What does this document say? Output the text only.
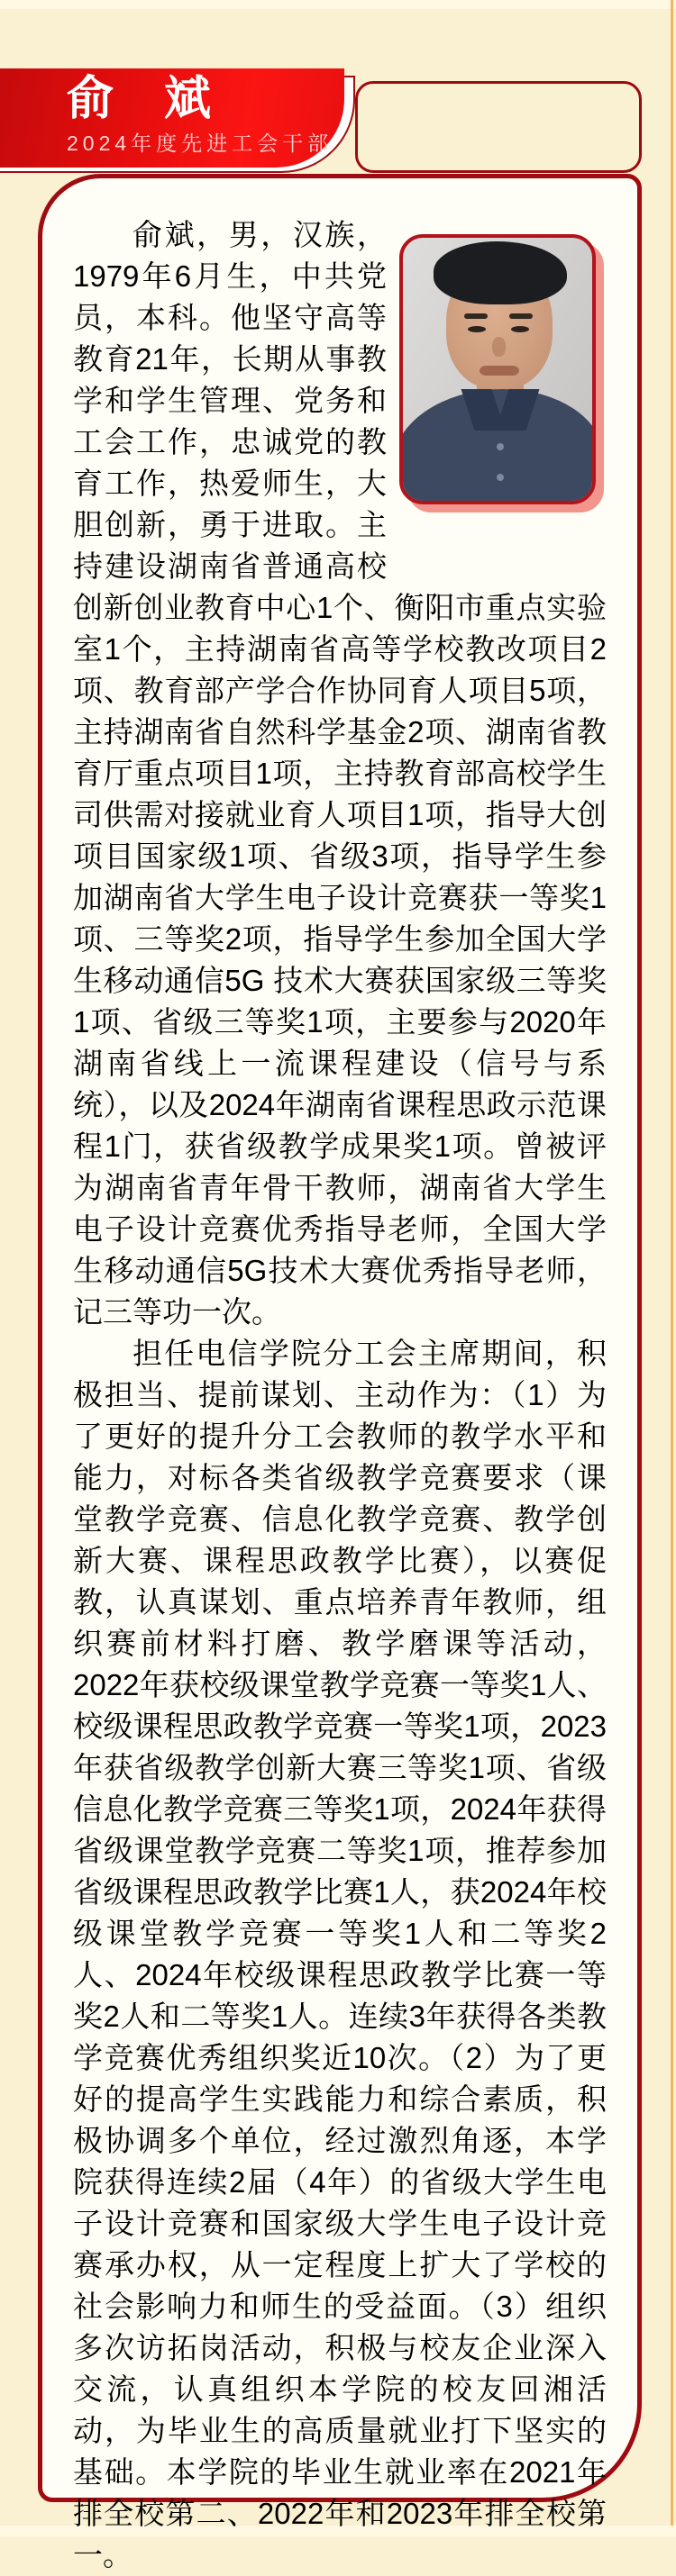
俞　斌

2024年度先进工会干部

俞斌，男，汉族，1979年6月生，中共党员，本科。他坚守高等教育21年，长期从事教学和学生管理、党务和工会工作，忠诚党的教育工作，热爱师生，大胆创新，勇于进取。主持建设湖南省普通高校创新创业教育中心1个、衡阳市重点实验室1个，主持湖南省高等学校教改项目2项、教育部产学合作协同育人项目5项，主持湖南省自然科学基金2项、湖南省教育厅重点项目1项，主持教育部高校学生司供需对接就业育人项目1项，指导大创项目国家级1项、省级3项，指导学生参加湖南省大学生电子设计竞赛获一等奖1项、三等奖2项，指导学生参加全国大学生移动通信5G 技术大赛获国家级三等奖1项、省级三等奖1项，主要参与2020年湖南省线上一流课程建设（信号与系统），以及2024年湖南省课程思政示范课程1门，获省级教学成果奖1项。曾被评为湖南省青年骨干教师，湖南省大学生电子设计竞赛优秀指导老师，全国大学生移动通信5G技术大赛优秀指导老师，记三等功一次。

担任电信学院分工会主席期间，积极担当、提前谋划、主动作为：（1）为了更好的提升分工会教师的教学水平和能力，对标各类省级教学竞赛要求（课堂教学竞赛、信息化教学竞赛、教学创新大赛、课程思政教学比赛），以赛促教，认真谋划、重点培养青年教师，组织赛前材料打磨、教学磨课等活动，2022年获校级课堂教学竞赛一等奖1人、校级课程思政教学竞赛一等奖1项，2023年获省级教学创新大赛三等奖1项、省级信息化教学竞赛三等奖1项，2024年获得省级课堂教学竞赛二等奖1项，推荐参加省级课程思政教学比赛1人，获2024年校级课堂教学竞赛一等奖1人和二等奖2人、2024年校级课程思政教学比赛一等奖2人和二等奖1人。连续3年获得各类教学竞赛优秀组织奖近10次。（2）为了更好的提高学生实践能力和综合素质，积极协调多个单位，经过激烈角逐，本学院获得连续2届（4年）的省级大学生电子设计竞赛和国家级大学生电子设计竞赛承办权，从一定程度上扩大了学校的社会影响力和师生的受益面。（3）组织多次访拓岗活动，积极与校友企业深入交流，认真组织本学院的校友回湘活动，为毕业生的高质量就业打下坚实的基础。本学院的毕业生就业率在2021年排全校第二、2022年和2023年排全校第一。
